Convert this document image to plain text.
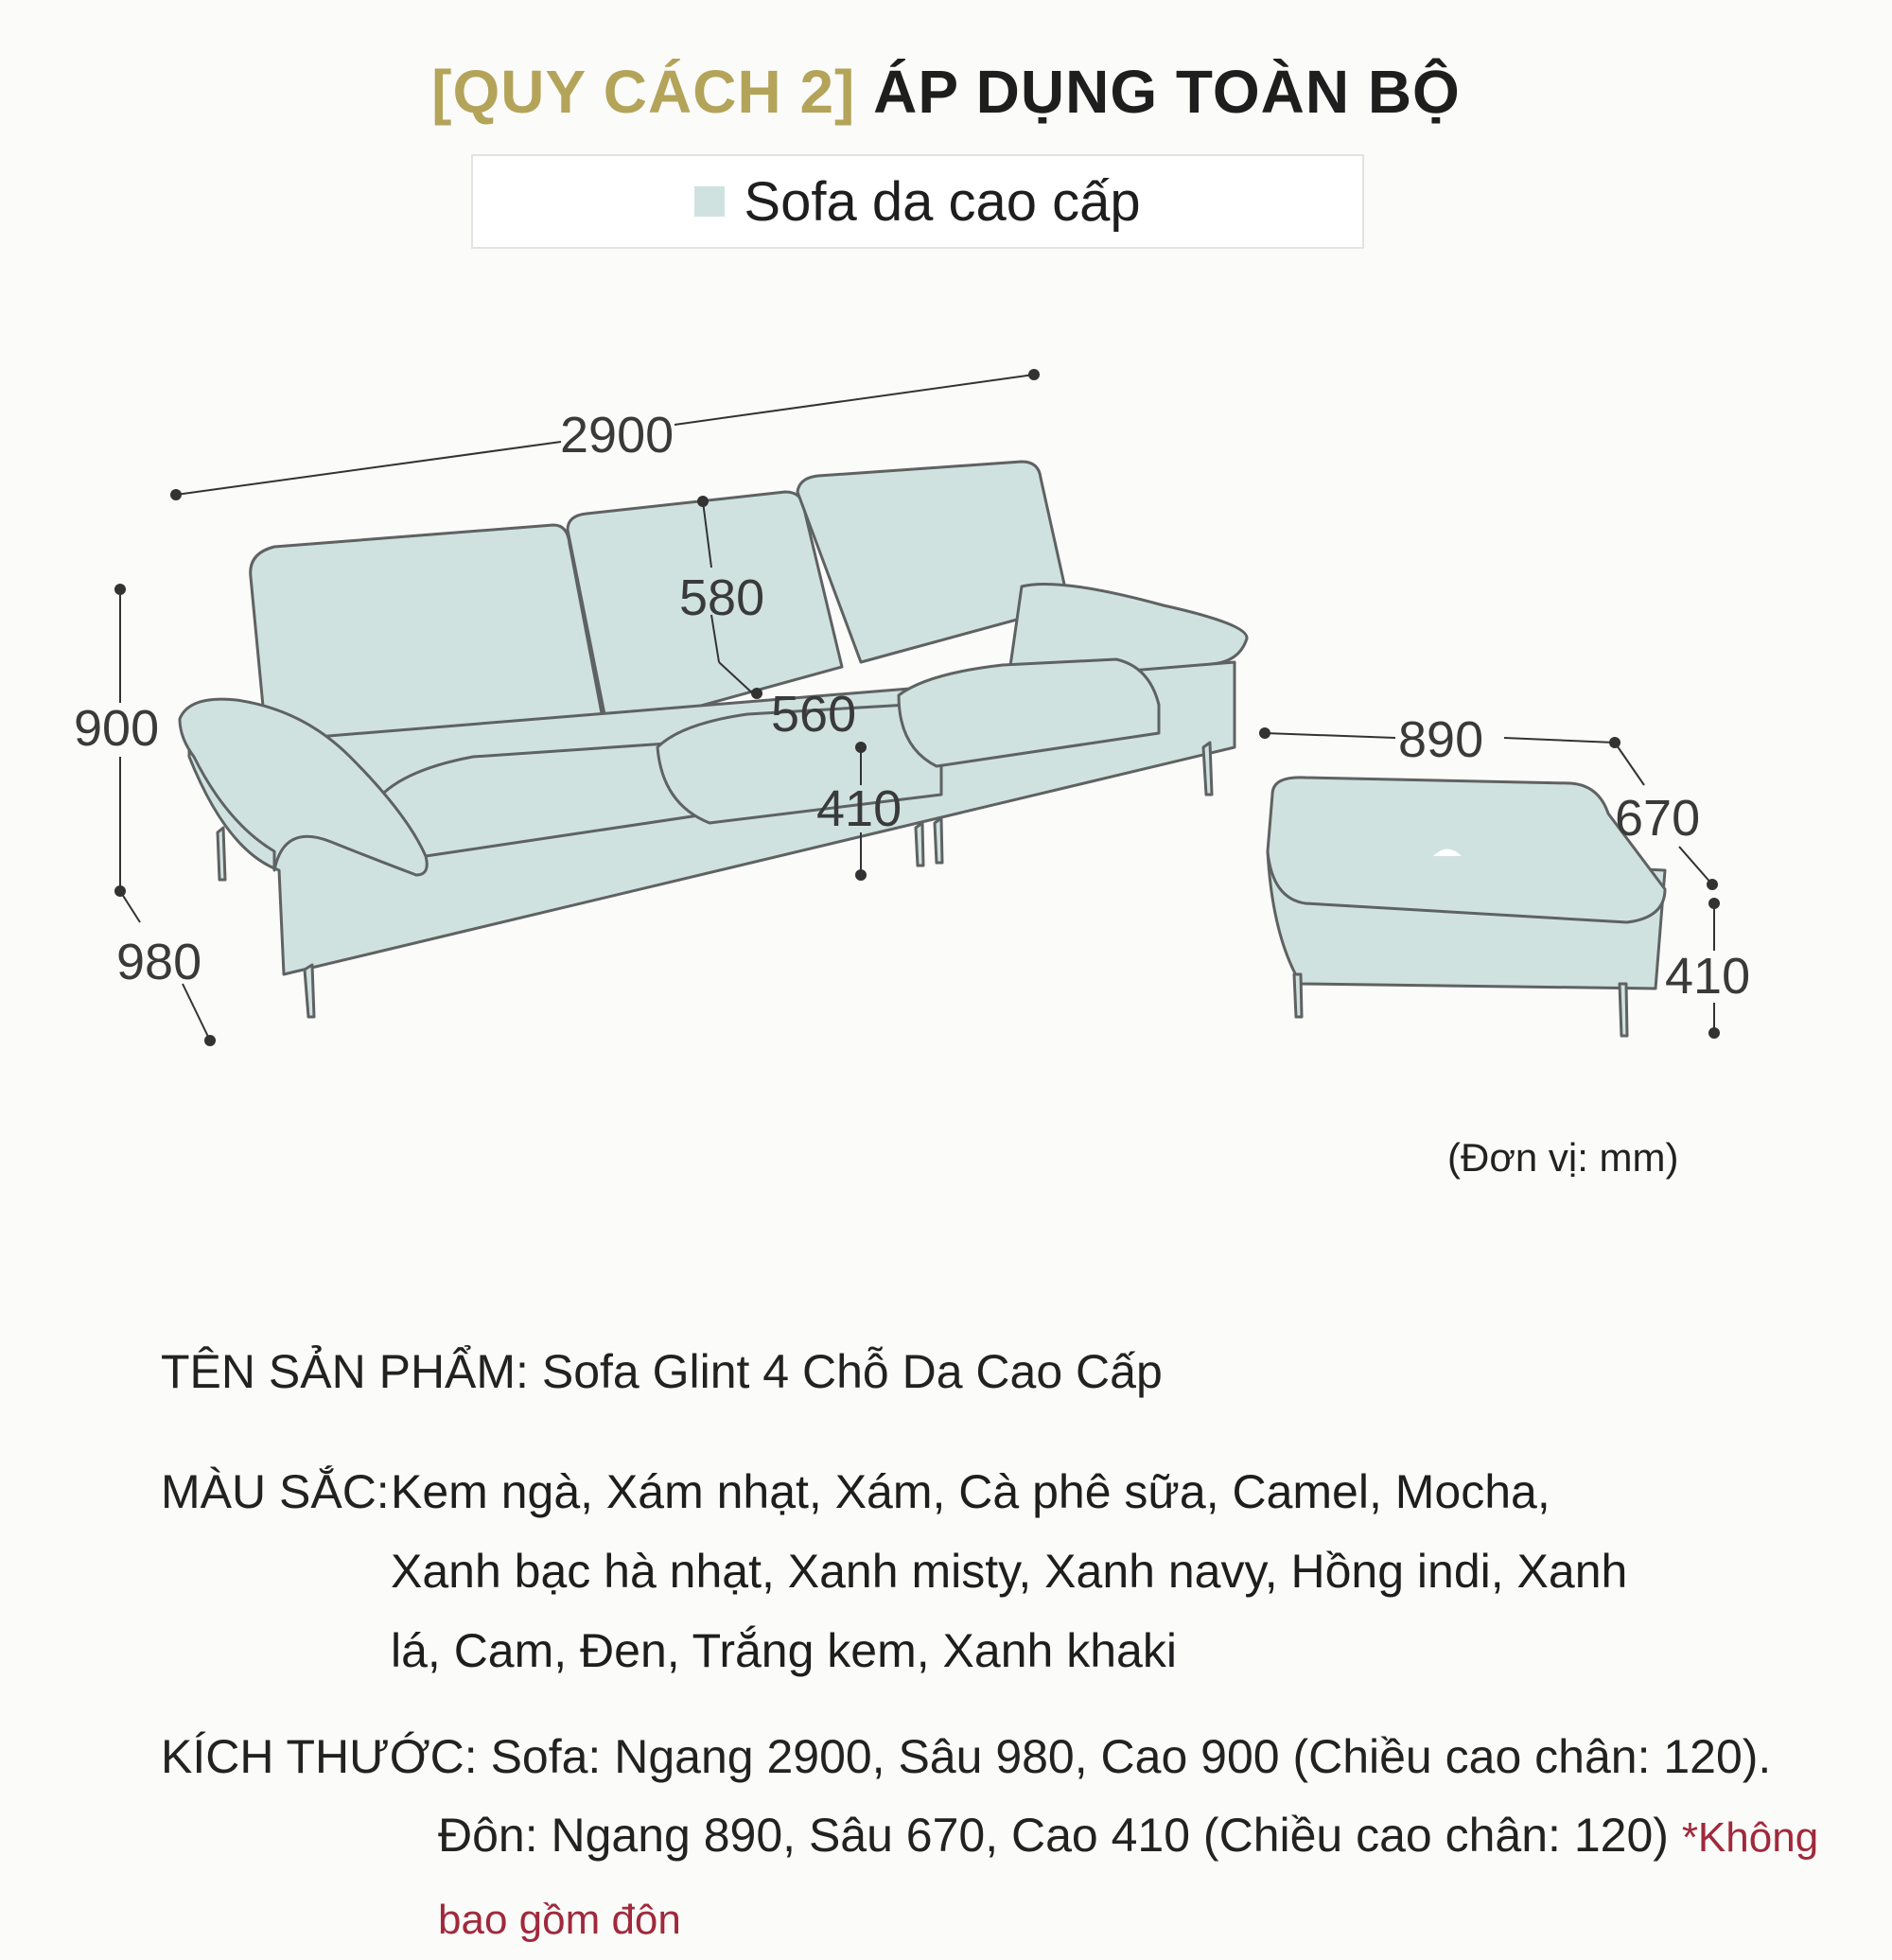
[QUY CÁCH 2] ÁP DỤNG TOÀN BỘ
Sofa da cao cấp
2900
580
560
410
900
980
890
670
410
(Đơn vị: mm)
TÊN SẢN PHẨM: Sofa Glint 4 Chỗ Da Cao Cấp
MÀU SẮC: Kem ngà, Xám nhạt, Xám, Cà phê sữa, Camel, Mocha, Xanh bạc hà nhạt, Xanh misty, Xanh navy, Hồng indi, Xanh lá, Cam, Đen, Trắng kem, Xanh khaki
KÍCH THƯỚC: Sofa: Ngang 2900, Sâu 980, Cao 900 (Chiều cao chân: 120).
Đôn: Ngang 890, Sâu 670, Cao 410 (Chiều cao chân: 120) *Không bao gồm đôn
